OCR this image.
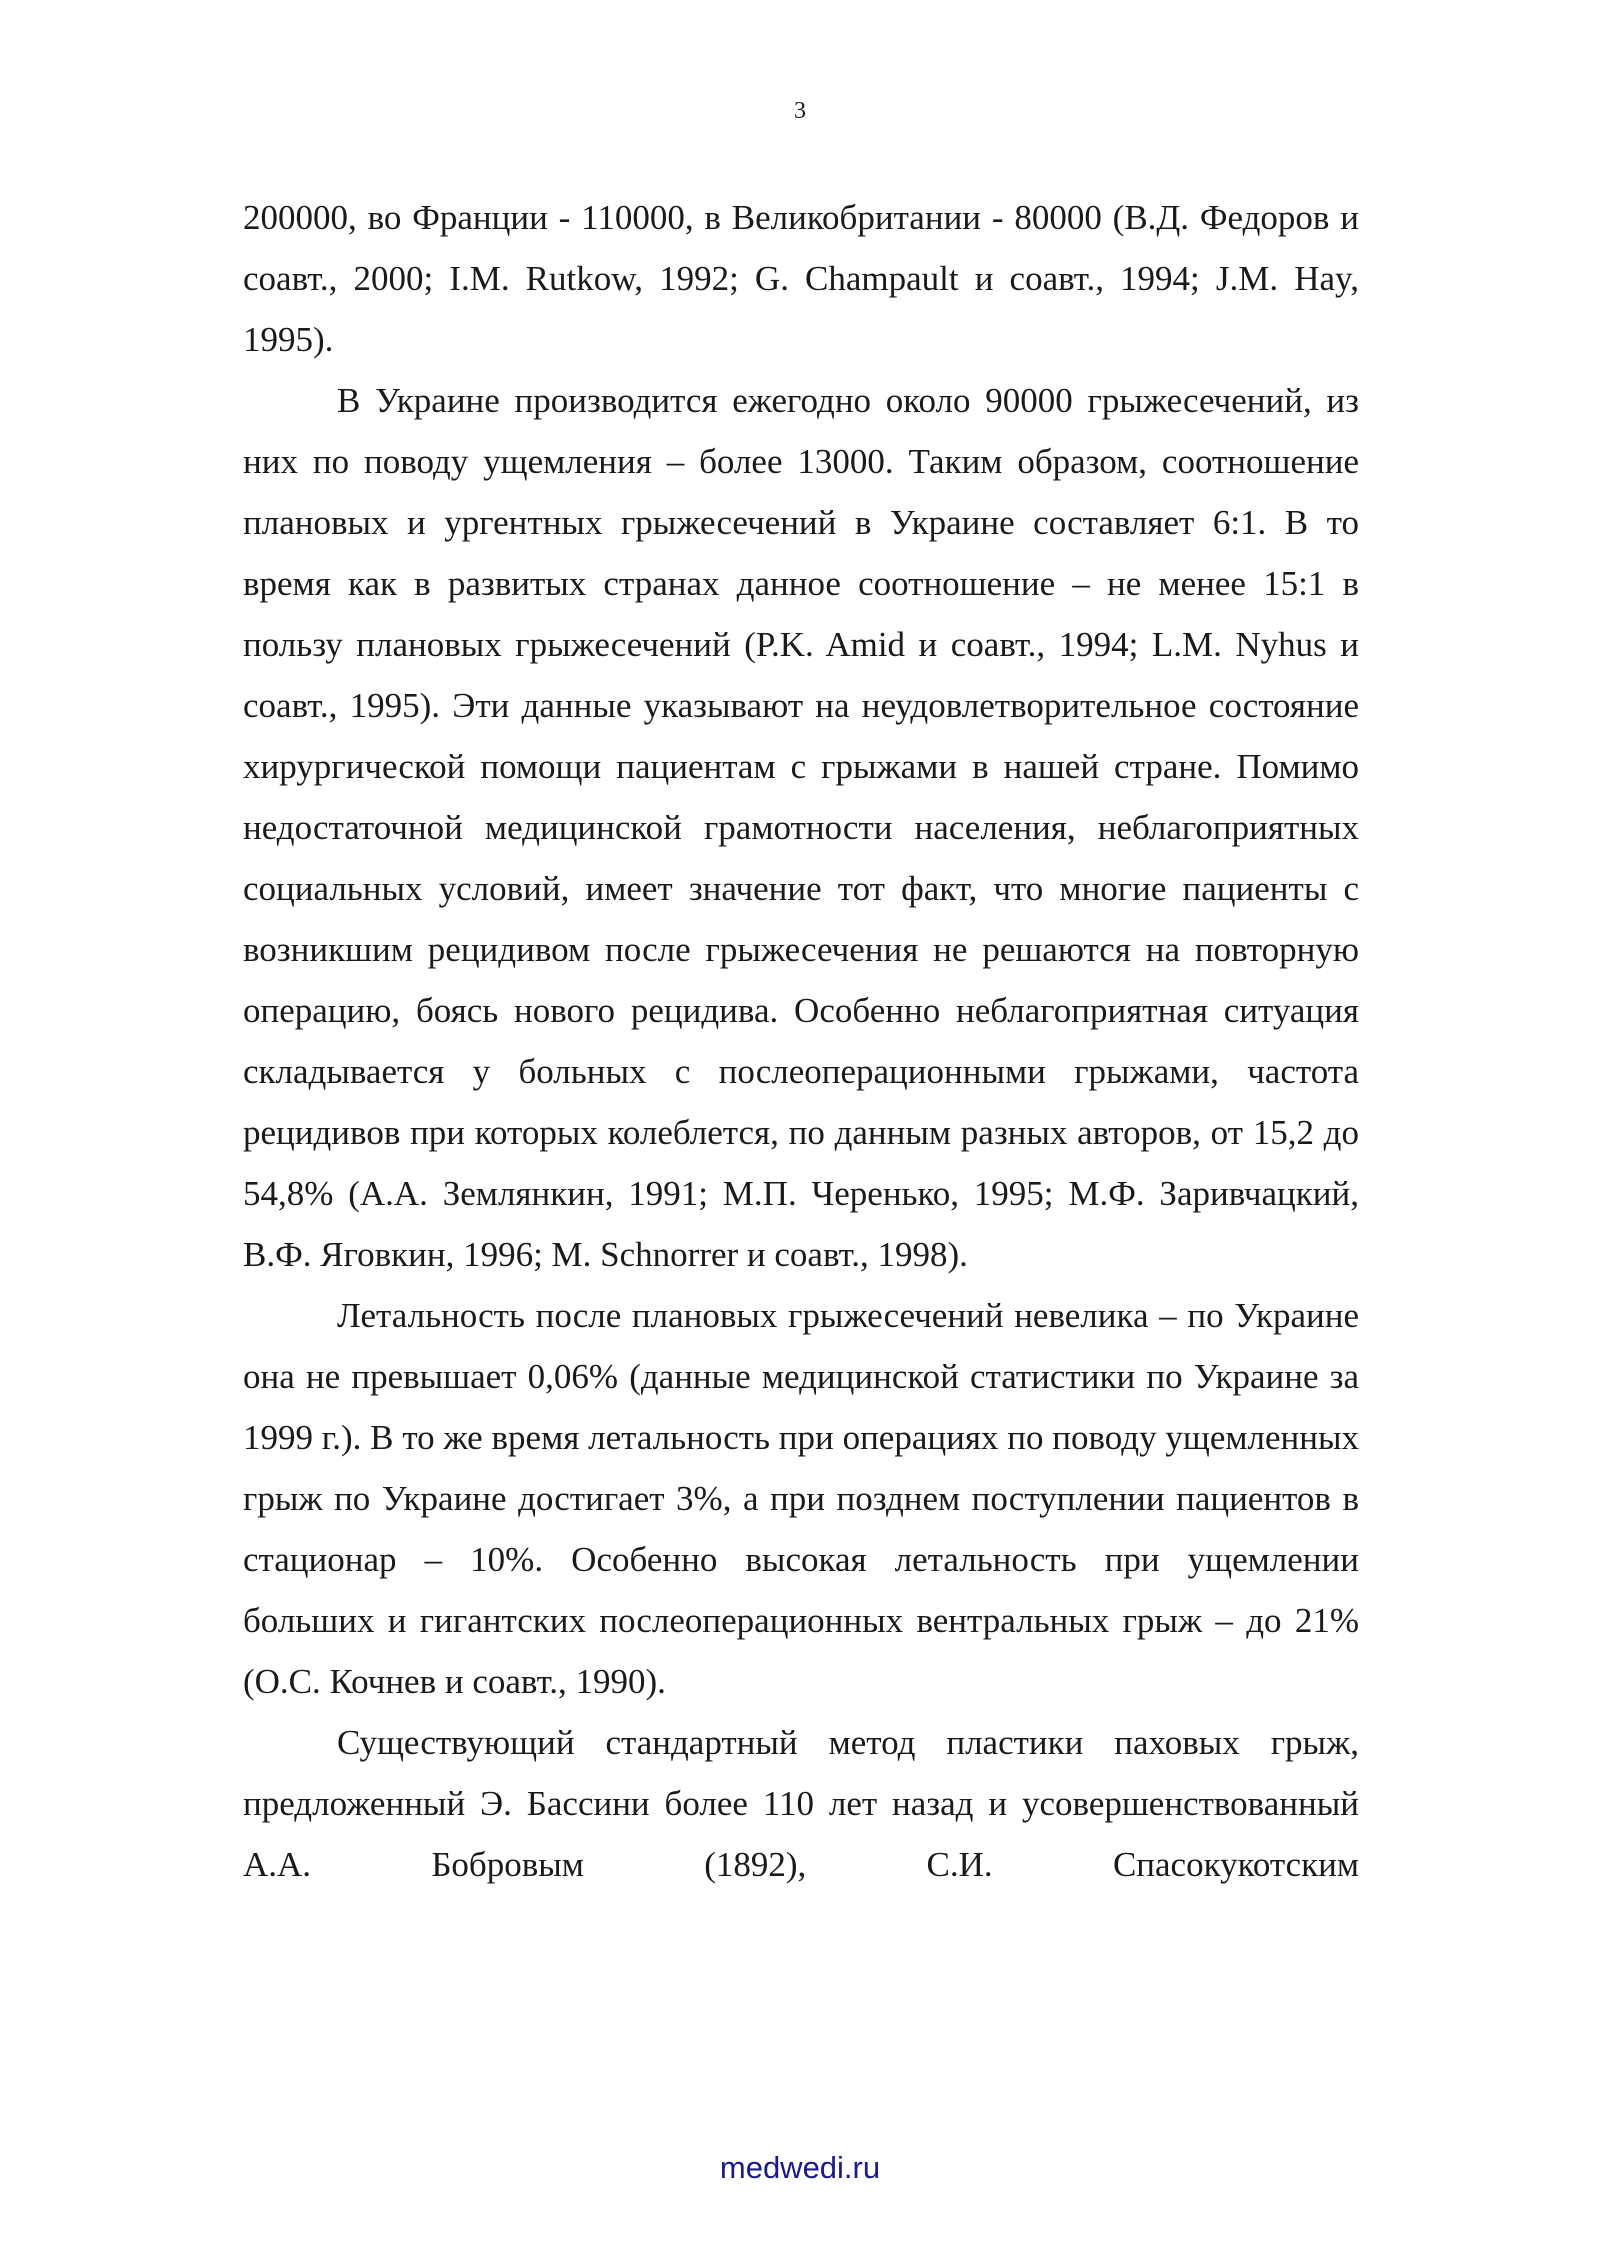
3

200000, во Франции - 110000, в Великобритании - 80000 (В.Д. Федоров и соавт., 2000; I.M. Rutkow, 1992; G. Champault и соавт., 1994; J.M. Hay, 1995).

В Украине производится ежегодно около 90000 грыжесечений, из них по поводу ущемления – более 13000. Таким образом, соотношение плановых и ургентных грыжесечений в Украине составляет 6:1. В то время как в развитых странах данное соотношение – не менее 15:1 в пользу плановых грыжесечений (Р.K. Amid и соавт., 1994; L.M. Nyhus и соавт., 1995). Эти данные указывают на неудовлетворительное состояние хирургической помощи пациентам с грыжами в нашей стране. Помимо недостаточной медицинской грамотности населения, неблагоприятных социальных условий, имеет значение тот факт, что многие пациенты с возникшим рецидивом после грыжесечения не решаются на повторную операцию, боясь нового рецидива. Особенно неблагоприятная ситуация складывается у больных с послеоперационными грыжами, частота рецидивов при которых колеблется, по данным разных авторов, от 15,2 до 54,8% (А.А. Землянкин, 1991; М.П. Черенько, 1995; М.Ф. Заривчацкий, В.Ф. Яговкин, 1996; M. Schnorrer и соавт., 1998).

Летальность после плановых грыжесечений невелика – по Украине она не превышает 0,06% (данные медицинской статистики по Украине за 1999 г.). В то же время летальность при операциях по поводу ущемленных грыж по Украине достигает 3%, а при позднем поступлении пациентов в стационар – 10%. Особенно высокая летальность при ущемлении больших и гигантских послеоперационных вентральных грыж – до 21% (О.С. Кочнев и соавт., 1990).

Существующий стандартный метод пластики паховых грыж, предложенный Э. Бассини более 110 лет назад и усовершенствованный А.А. Бобровым (1892), С.И. Спасокукотским

medwedi.ru
